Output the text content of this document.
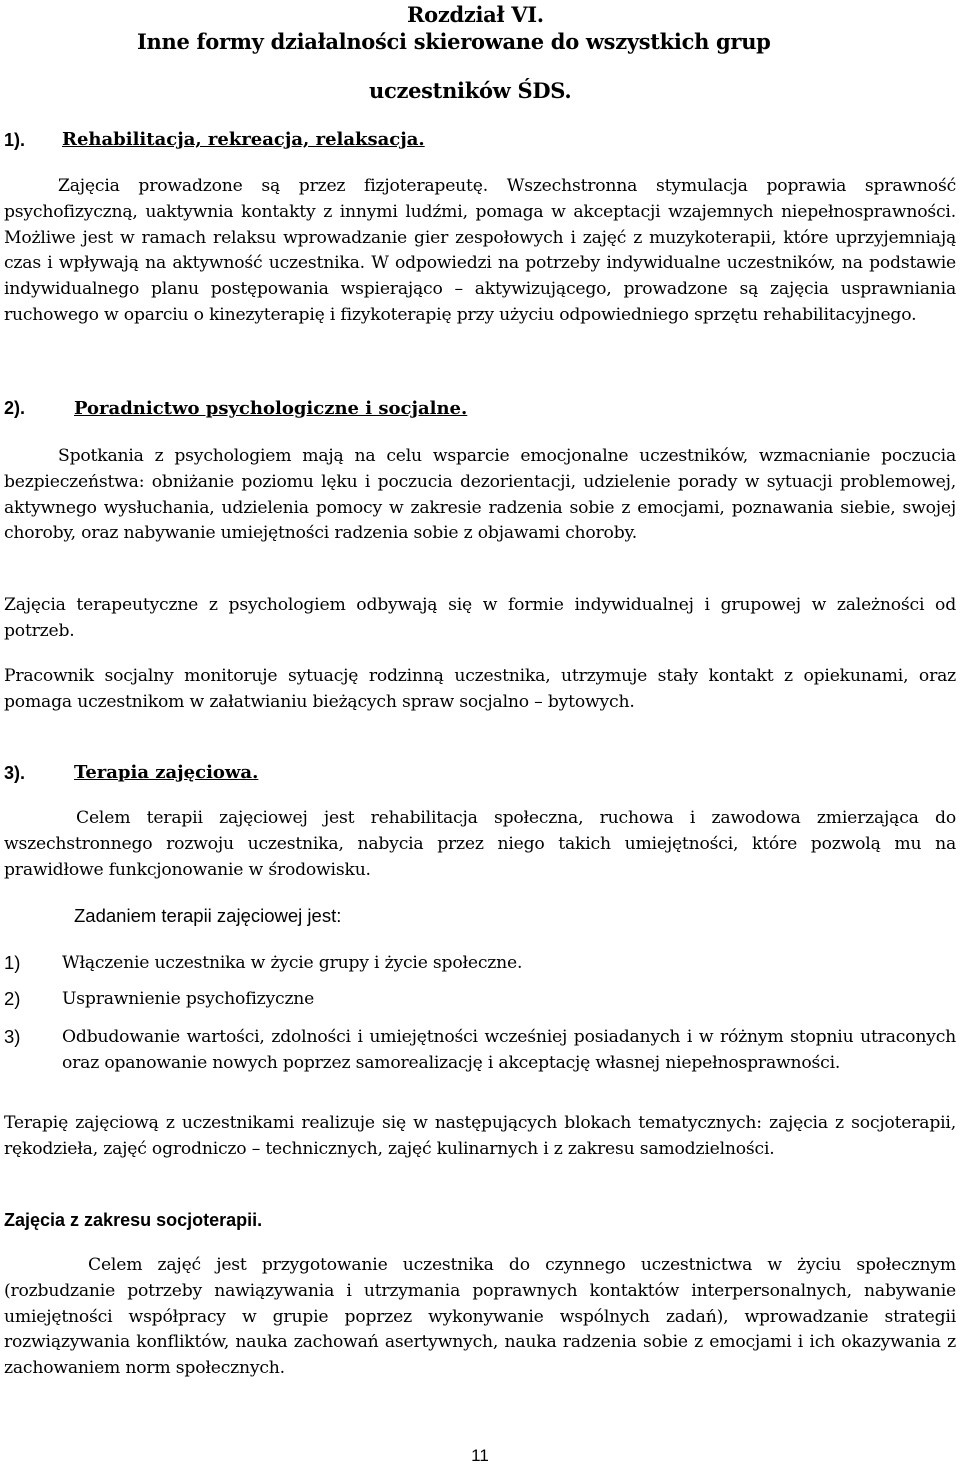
Rozdział VI.
Inne formy działalności skierowane do wszystkich grup
uczestników ŚDS.
1). Rehabilitacja, rekreacja, relaksacja.

Zajęcia prowadzone są przez fizjoterapeutę. Wszechstronna stymulacja poprawia sprawność psychofizyczną, uaktywnia kontakty z innymi ludźmi, pomaga w akceptacji wzajemnych niepełnosprawności. Możliwe jest w ramach relaksu wprowadzanie gier zespołowych i zajęć z muzykoterapii, które uprzyjemniają czas i wpływają na aktywność uczestnika. W odpowiedzi na potrzeby indywidualne uczestników, na podstawie indywidualnego planu postępowania wspierająco – aktywizującego, prowadzone są zajęcia usprawniania ruchowego w oparciu o kinezyterapię i fizykoterapię przy użyciu odpowiedniego sprzętu rehabilitacyjnego.

2).	Poradnictwo psychologiczne i socjalne.

Spotkania z psychologiem mają na celu wsparcie emocjonalne uczestników, wzmacnianie poczucia bezpieczeństwa: obniżanie poziomu lęku i poczucia dezorientacji, udzielenie porady w sytuacji problemowej, aktywnego wysłuchania, udzielenia pomocy w zakresie radzenia sobie z emocjami, poznawania siebie, swojej choroby, oraz nabywanie umiejętności radzenia sobie z objawami choroby.

Zajęcia terapeutyczne z psychologiem odbywają się w formie indywidualnej i grupowej w zależności od potrzeb.

Pracownik socjalny monitoruje sytuację rodzinną uczestnika, utrzymuje stały kontakt z opiekunami, oraz pomaga uczestnikom w załatwianiu bieżących spraw socjalno – bytowych.

3).	Terapia zajęciowa.

Celem terapii zajęciowej jest rehabilitacja społeczna, ruchowa i zawodowa zmierzająca do wszechstronnego rozwoju uczestnika, nabycia przez niego takich umiejętności, które pozwolą mu na prawidłowe funkcjonowanie w środowisku.

Zadaniem terapii zajęciowej jest:
1) Włączenie uczestnika w życie grupy i życie społeczne.
2) Usprawnienie psychofizyczne
3) Odbudowanie wartości, zdolności i umiejętności wcześniej posiadanych i w różnym stopniu utraconych oraz opanowanie nowych poprzez samorealizację i akceptację własnej niepełnosprawności.

Terapię zajęciową z uczestnikami realizuje się w następujących blokach tematycznych: zajęcia z socjoterapii, rękodzieła, zajęć ogrodniczo – technicznych, zajęć kulinarnych i z zakresu samodzielności.

Zajęcia z zakresu socjoterapii.

Celem zajęć jest przygotowanie uczestnika do czynnego uczestnictwa w życiu społecznym (rozbudzanie potrzeby nawiązywania i utrzymania poprawnych kontaktów interpersonalnych, nabywanie umiejętności współpracy w grupie poprzez wykonywanie wspólnych zadań), wprowadzanie strategii rozwiązywania konfliktów, nauka zachowań asertywnych, nauka radzenia sobie z emocjami i ich okazywania z zachowaniem norm społecznych.

11
